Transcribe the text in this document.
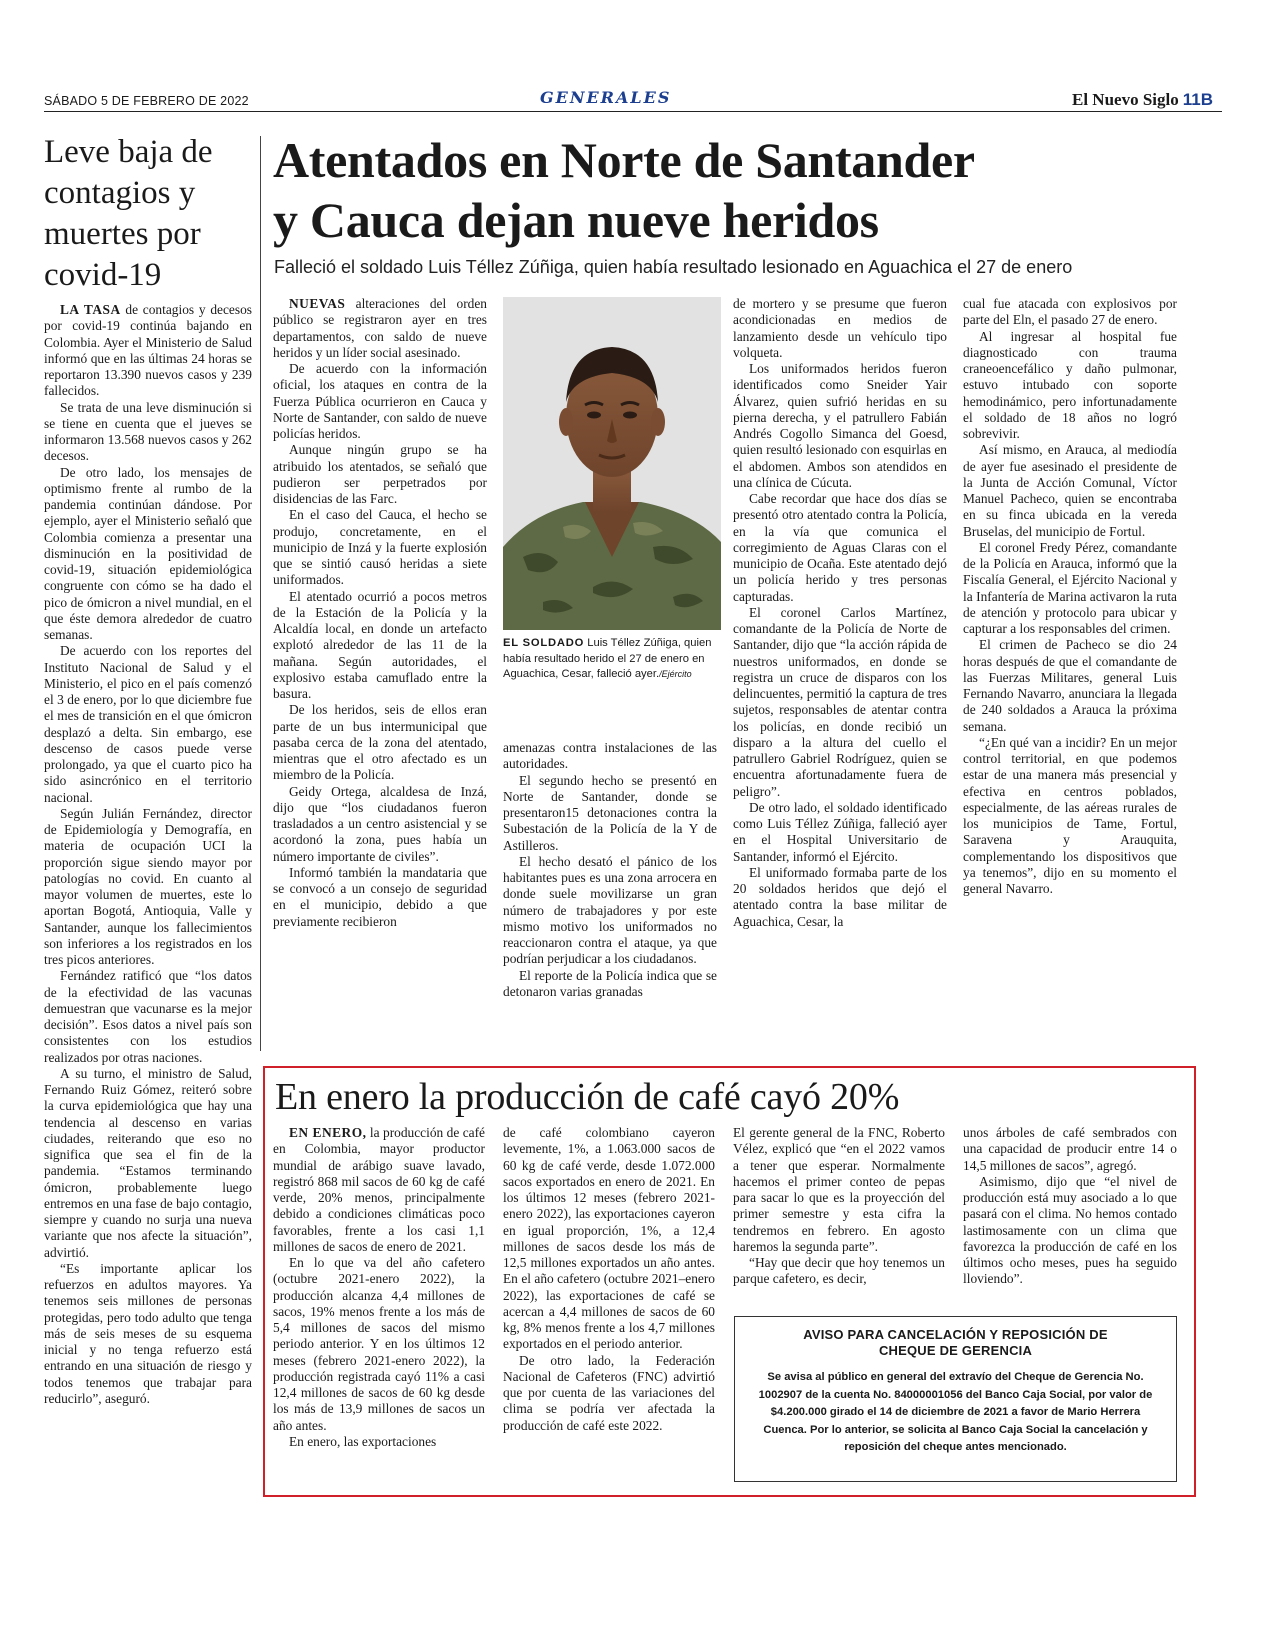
SÁBADO 5 DE FEBRERO DE 2022	GENERALES	El Nuevo Siglo 11B
Leve baja de contagios y muertes por covid-19

LA TASA de contagios y decesos por covid-19 continúa bajando en Colombia. Ayer el Ministerio de Salud informó que en las últimas 24 horas se reportaron 13.390 nuevos casos y 239 fallecidos.

Se trata de una leve disminución si se tiene en cuenta que el jueves se informaron 13.568 nuevos casos y 262 decesos.

De otro lado, los mensajes de optimismo frente al rumbo de la pandemia continúan dándose. Por ejemplo, ayer el Ministerio señaló que Colombia comienza a presentar una disminución en la positividad de covid-19, situación epidemiológica congruente con cómo se ha dado el pico de ómicron a nivel mundial, en el que éste demora alrededor de cuatro semanas.

De acuerdo con los reportes del Instituto Nacional de Salud y el Ministerio, el pico en el país comenzó el 3 de enero, por lo que diciembre fue el mes de transición en el que ómicron desplazó a delta. Sin embargo, ese descenso de casos puede verse prolongado, ya que el cuarto pico ha sido asincrónico en el territorio nacional.

Según Julián Fernández, director de Epidemiología y Demografía, en materia de ocupación UCI la proporción sigue siendo mayor por patologías no covid. En cuanto al mayor volumen de muertes, este lo aportan Bogotá, Antioquia, Valle y Santander, aunque los fallecimientos son inferiores a los registrados en los tres picos anteriores.

Fernández ratificó que “los datos de la efectividad de las vacunas demuestran que vacunarse es la mejor decisión”. Esos datos a nivel país son consistentes con los estudios realizados por otras naciones.

A su turno, el ministro de Salud, Fernando Ruiz Gómez, reiteró sobre la curva epidemiológica que hay una tendencia al descenso en varias ciudades, reiterando que eso no significa que sea el fin de la pandemia. “Estamos terminando ómicron, probablemente luego entremos en una fase de bajo contagio, siempre y cuando no surja una nueva variante que nos afecte la situación”, advirtió.

“Es importante aplicar los refuerzos en adultos mayores. Ya tenemos seis millones de personas protegidas, pero todo adulto que tenga más de seis meses de su esquema inicial y no tenga refuerzo está entrando en una situación de riesgo y todos tenemos que trabajar para reducirlo”, aseguró.

Atentados en Norte de Santander
y Cauca dejan nueve heridos
Falleció el soldado Luis Téllez Zúñiga, quien había resultado lesionado en Aguachica el 27 de enero

NUEVAS alteraciones del orden público se registraron ayer en tres departamentos, con saldo de nueve heridos y un líder social asesinado.

De acuerdo con la información oficial, los ataques en contra de la Fuerza Pública ocurrieron en Cauca y Norte de Santander, con saldo de nueve policías heridos.

Aunque ningún grupo se ha atribuido los atentados, se señaló que pudieron ser perpetrados por disidencias de las Farc.

En el caso del Cauca, el hecho se produjo, concretamente, en el municipio de Inzá y la fuerte explosión que se sintió causó heridas a siete uniformados.

El atentado ocurrió a pocos metros de la Estación de la Policía y la Alcaldía local, en donde un artefacto explotó alrededor de las 11 de la mañana. Según autoridades, el explosivo estaba camuflado entre la basura.

De los heridos, seis de ellos eran parte de un bus intermunicipal que pasaba cerca de la zona del atentado, mientras que el otro afectado es un miembro de la Policía.

Geidy Ortega, alcaldesa de Inzá, dijo que “los ciudadanos fueron trasladados a un centro asistencial y se acordonó la zona, pues había un número importante de civiles”.

Informó también la mandataria que se convocó a un consejo de seguridad en el municipio, debido a que previamente recibieron

EL SOLDADO Luis Téllez Zúñiga, quien había resultado herido el 27 de enero en Aguachica, Cesar, falleció ayer./Ejército

amenazas contra instalaciones de las autoridades.

El segundo hecho se presentó en Norte de Santander, donde se presentaron15 detonaciones contra la Subestación de la Policía de la Y de Astilleros.

El hecho desató el pánico de los habitantes pues es una zona arrocera en donde suele movilizarse un gran número de trabajadores y por este mismo motivo los uniformados no reaccionaron contra el ataque, ya que podrían perjudicar a los ciudadanos.

El reporte de la Policía indica que se detonaron varias granadas

de mortero y se presume que fueron acondicionadas en medios de lanzamiento desde un vehículo tipo volqueta.

Los uniformados heridos fueron identificados como Sneider Yair Álvarez, quien sufrió heridas en su pierna derecha, y el patrullero Fabián Andrés Cogollo Simanca del Goesd, quien resultó lesionado con esquirlas en el abdomen. Ambos son atendidos en una clínica de Cúcuta.

Cabe recordar que hace dos días se presentó otro atentado contra la Policía, en la vía que comunica el corregimiento de Aguas Claras con el municipio de Ocaña. Este atentado dejó un policía herido y tres personas capturadas.

El coronel Carlos Martínez, comandante de la Policía de Norte de Santander, dijo que “la acción rápida de nuestros uniformados, en donde se registra un cruce de disparos con los delincuentes, permitió la captura de tres sujetos, responsables de atentar contra los policías, en donde recibió un disparo a la altura del cuello el patrullero Gabriel Rodríguez, quien se encuentra afortunadamente fuera de peligro”.

De otro lado, el soldado identificado como Luis Téllez Zúñiga, falleció ayer en el Hospital Universitario de Santander, informó el Ejército.

El uniformado formaba parte de los 20 soldados heridos que dejó el atentado contra la base militar de Aguachica, Cesar, la

cual fue atacada con explosivos por parte del Eln, el pasado 27 de enero.

Al ingresar al hospital fue diagnosticado con trauma craneoencefálico y daño pulmonar, estuvo intubado con soporte hemodinámico, pero infortunadamente el soldado de 18 años no logró sobrevivir.

Así mismo, en Arauca, al mediodía de ayer fue asesinado el presidente de la Junta de Acción Comunal, Víctor Manuel Pacheco, quien se encontraba en su finca ubicada en la vereda Bruselas, del municipio de Fortul.

El coronel Fredy Pérez, comandante de la Policía en Arauca, informó que la Fiscalía General, el Ejército Nacional y la Infantería de Marina activaron la ruta de atención y protocolo para ubicar y capturar a los responsables del crimen.

El crimen de Pacheco se dio 24 horas después de que el comandante de las Fuerzas Militares, general Luis Fernando Navarro, anunciara la llegada de 240 soldados a Arauca la próxima semana.

“¿En qué van a incidir? En un mejor control territorial, en que podemos estar de una manera más presencial y efectiva en centros poblados, especialmente, de las aéreas rurales de los municipios de Tame, Fortul, Saravena y Arauquita, complementando los dispositivos que ya tenemos”, dijo en su momento el general Navarro.

En enero la producción de café cayó 20%

EN ENERO, la producción de café en Colombia, mayor productor mundial de arábigo suave lavado, registró 868 mil sacos de 60 kg de café verde, 20% menos, principalmente debido a condiciones climáticas poco favorables, frente a los casi 1,1 millones de sacos de enero de 2021.

En lo que va del año cafetero (octubre 2021-enero 2022), la producción alcanza 4,4 millones de sacos, 19% menos frente a los más de 5,4 millones de sacos del mismo periodo anterior. Y en los últimos 12 meses (febrero 2021-enero 2022), la producción registrada cayó 11% a casi 12,4 millones de sacos de 60 kg desde los más de 13,9 millones de sacos un año antes.

En enero, las exportaciones

de café colombiano cayeron levemente, 1%, a 1.063.000 sacos de 60 kg de café verde, desde 1.072.000 sacos exportados en enero de 2021. En los últimos 12 meses (febrero 2021-enero 2022), las exportaciones cayeron en igual proporción, 1%, a 12,4 millones de sacos desde los más de 12,5 millones exportados un año antes. En el año cafetero (octubre 2021–enero 2022), las exportaciones de café se acercan a 4,4 millones de sacos de 60 kg, 8% menos frente a los 4,7 millones exportados en el periodo anterior.

De otro lado, la Federación Nacional de Cafeteros (FNC) advirtió que por cuenta de las variaciones del clima se podría ver afectada la producción de café este 2022.

El gerente general de la FNC, Roberto Vélez, explicó que “en el 2022 vamos a tener que esperar. Normalmente hacemos el primer conteo de pepas para sacar lo que es la proyección del primer semestre y esta cifra la tendremos en febrero. En agosto haremos la segunda parte”.

“Hay que decir que hoy tenemos un parque cafetero, es decir,

unos árboles de café sembrados con una capacidad de producir entre 14 o 14,5 millones de sacos”, agregó.

Asimismo, dijo que “el nivel de producción está muy asociado a lo que pasará con el clima. No hemos contado lastimosamente con un clima que favorezca la producción de café en los últimos ocho meses, pues ha seguido lloviendo”.

AVISO PARA CANCELACIÓN Y REPOSICIÓN DE
CHEQUE DE GERENCIA
Se avisa al público en general del extravío del Cheque de Gerencia No. 1002907 de la cuenta No. 84000001056 del Banco Caja Social, por valor de $4.200.000 girado el 14 de diciembre de 2021 a favor de Mario Herrera Cuenca. Por lo anterior, se solicita al Banco Caja Social la cancelación y reposición del cheque antes mencionado.
